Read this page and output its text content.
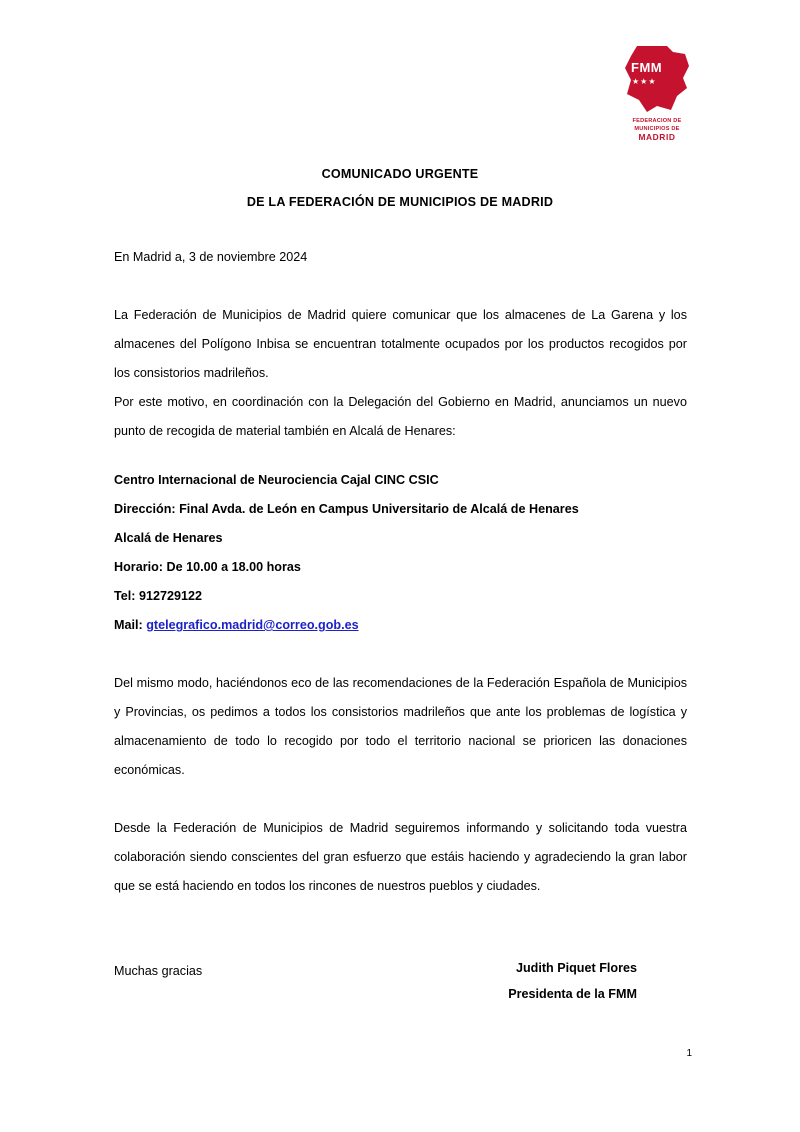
FMM
★★★
FEDERACION DE
MUNICIPIOS DE
MADRID
COMUNICADO URGENTE
DE LA FEDERACIÓN DE MUNICIPIOS DE MADRID

En Madrid a, 3 de noviembre 2024

La Federación de Municipios de Madrid quiere comunicar que los almacenes de La Garena y los almacenes del Polígono Inbisa se encuentran totalmente ocupados por los productos recogidos por los consistorios madrileños.

Por este motivo, en coordinación con la Delegación del Gobierno en Madrid, anunciamos un nuevo punto de recogida de material también en Alcalá de Henares:

Centro Internacional de Neurociencia Cajal CINC CSIC

Dirección: Final Avda. de León en Campus Universitario de Alcalá de Henares

Alcalá de Henares

Horario: De 10.00 a 18.00 horas

Tel: 912729122

Mail: gtelegrafico.madrid@correo.gob.es

Del mismo modo, haciéndonos eco de las recomendaciones de la Federación Española de Municipios y Provincias, os pedimos a todos los consistorios madrileños que ante los problemas de logística y almacenamiento de todo lo recogido por todo el territorio nacional se prioricen las donaciones económicas.

Desde la Federación de Municipios de Madrid seguiremos informando y solicitando toda vuestra colaboración siendo conscientes del gran esfuerzo que estáis haciendo y agradeciendo la gran labor que se está haciendo en todos los rincones de nuestros pueblos y ciudades.

Muchas gracias	Judith Piquet Flores
Presidenta de la FMM
1
